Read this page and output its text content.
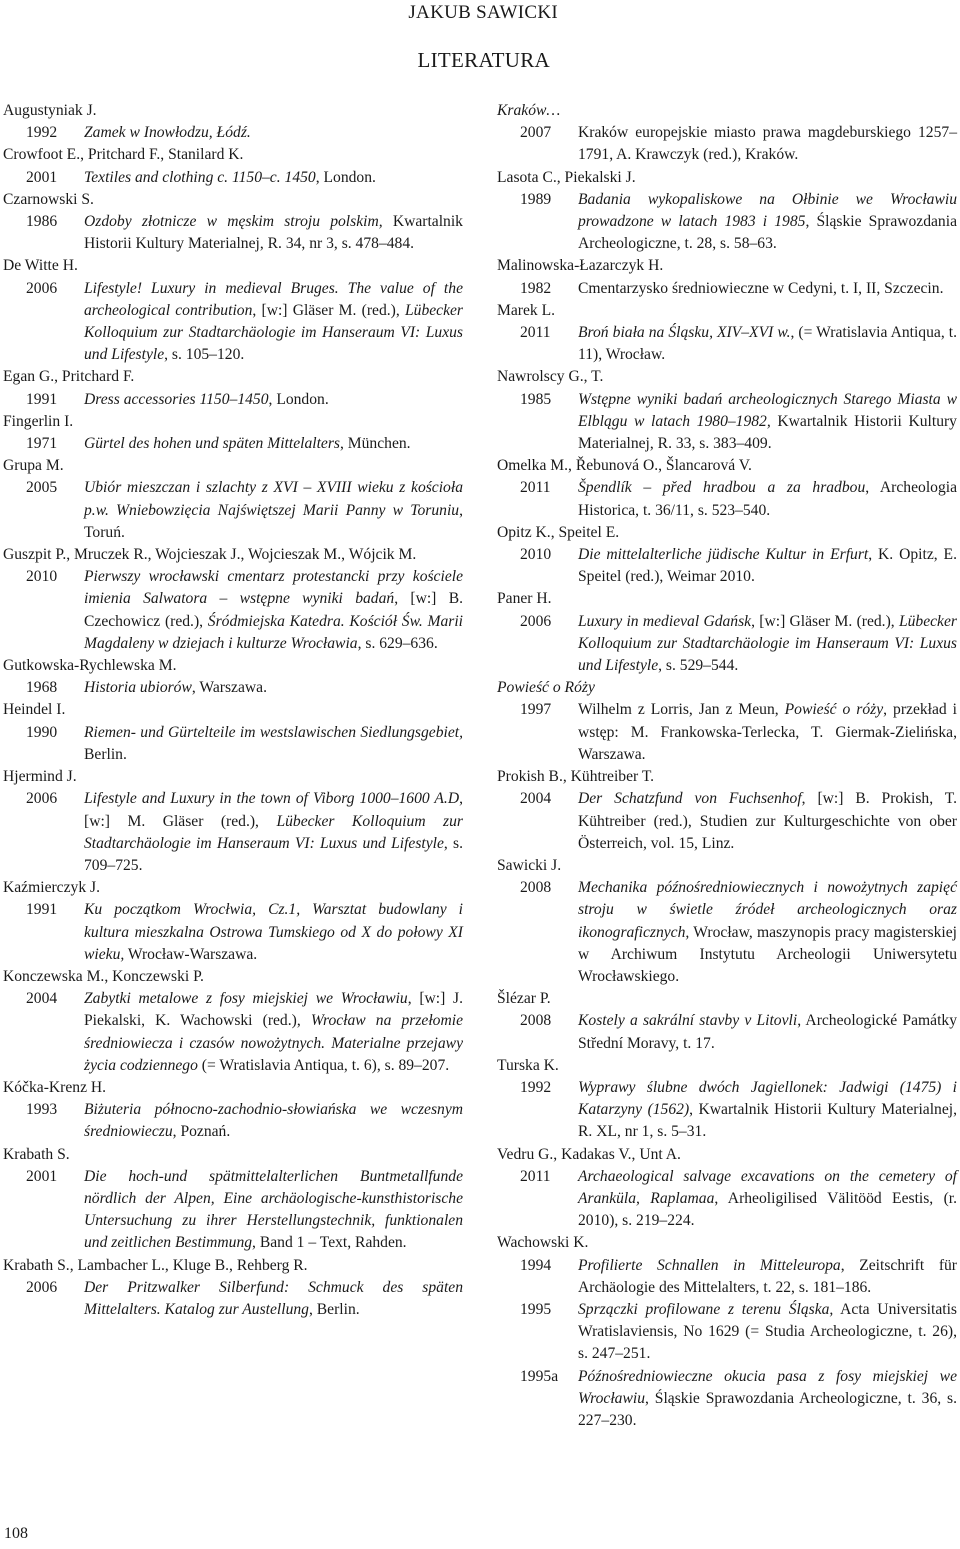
JAKUB SAWICKI
LITERATURA
Augustyniak J.
1992	Zamek w Inowłodzu, Łódź.
Crowfoot E., Pritchard F., Stanilard K.
2001	Textiles and clothing c. 1150–c. 1450, London.
Czarnowski S.
1986	Ozdoby złotnicze w męskim stroju polskim, Kwartalnik Historii Kultury Materialnej, R. 34, nr 3, s. 478–484.
De Witte H.
2006	Lifestyle! Luxury in medieval Bruges. The value of the archeological contribution, [w:] Gläser M. (red.), Lübecker Kolloquium zur Stadtarchäologie im Hanseraum VI: Luxus und Lifestyle, s. 105–120.
Egan G., Pritchard F.
1991	Dress accessories 1150–1450, London.
Fingerlin I.
1971	Gürtel des hohen und späten Mittelalters, München.
Grupa M.
2005	Ubiór mieszczan i szlachty z XVI – XVIII wieku z kościoła p.w. Wniebowzięcia Najświętszej Marii Panny w Toruniu, Toruń.
Guszpit P., Mruczek R., Wojcieszak J., Wojcieszak M., Wójcik M.
2010	Pierwszy wrocławski cmentarz protestancki przy kościele imienia Salwatora – wstępne wyniki badań, [w:] B. Czechowicz (red.), Śródmiejska Katedra. Kościół Św. Marii Magdaleny w dziejach i kulturze Wrocławia, s. 629–636.
Gutkowska-Rychlewska M.
1968	Historia ubiorów, Warszawa.
Heindel I.
1990	Riemen- und Gürtelteile im westslawischen Siedlungsgebiet, Berlin.
Hjermind J.
2006	Lifestyle and Luxury in the town of Viborg 1000–1600 A.D, [w:] M. Gläser (red.), Lübecker Kolloquium zur Stadtarchäologie im Hanseraum VI: Luxus und Lifestyle, s. 709–725.
Kaźmierczyk J.
1991	Ku początkom Wrocłwia, Cz.1, Warsztat budowlany i kultura mieszkalna Ostrowa Tumskiego od X do połowy XI wieku, Wrocław-Warszawa.
Konczewska M., Konczewski P.
2004	Zabytki metalowe z fosy miejskiej we Wrocławiu, [w:] J. Piekalski, K. Wachowski (red.), Wrocław na przełomie średniowiecza i czasów nowożytnych. Materialne przejawy życia codziennego (= Wratislavia Antiqua, t. 6), s. 89–207.
Kóčka-Krenz H.
1993	Biżuteria północno-zachodnio-słowiańska we wczesnym średniowieczu, Poznań.
Krabath S.
2001	Die hoch-und spätmittelalterlichen Buntmetallfunde nördlich der Alpen, Eine archäologische-kunsthistorische Untersuchung zu ihrer Herstellungstechnik, funktionalen und zeitlichen Bestimmung, Band 1 – Text, Rahden.
Krabath S., Lambacher L., Kluge B., Rehberg R.
2006	Der Pritzwalker Silberfund: Schmuck des späten Mittelalters. Katalog zur Austellung, Berlin.
Kraków…
2007	Kraków europejskie miasto prawa magdeburskiego 1257–1791, A. Krawczyk (red.), Kraków.
Lasota C., Piekalski J.
1989	Badania wykopaliskowe na Ołbinie we Wrocławiu prowadzone w latach 1983 i 1985, Śląskie Sprawozdania Archeologiczne, t. 28, s. 58–63.
Malinowska-Łazarczyk H.
1982	Cmentarzysko średniowieczne w Cedyni, t. I, II, Szczecin.
Marek L.
2011	Broń biała na Śląsku, XIV–XVI w., (= Wratislavia Antiqua, t. 11), Wrocław.
Nawrolscy G., T.
1985	Wstępne wyniki badań archeologicznych Starego Miasta w Elblągu w latach 1980–1982, Kwartalnik Historii Kultury Materialnej, R. 33, s. 383–409.
Omelka M., Řebunová O., Šlancarová V.
2011	Špendlík – před hradbou a za hradbou, Archeologia Historica, t. 36/11, s. 523–540.
Opitz K., Speitel E.
2010	Die mittelalterliche jüdische Kultur in Erfurt, K. Opitz, E. Speitel (red.), Weimar 2010.
Paner H.
2006	Luxury in medieval Gdańsk, [w:] Gläser M. (red.), Lübecker Kolloquium zur Stadtarchäologie im Hanseraum VI: Luxus und Lifestyle, s. 529–544.
Powieść o Róży
1997	Wilhelm z Lorris, Jan z Meun, Powieść o róży, przekład i wstęp: M. Frankowska-Terlecka, T. Giermak-Zielińska, Warszawa.
Prokish B., Kühtreiber T.
2004	Der Schatzfund von Fuchsenhof, [w:] B. Prokish, T. Kühtreiber (red.), Studien zur Kulturgeschichte von ober Österreich, vol. 15, Linz.
Sawicki J.
2008	Mechanika późnośredniowiecznych i nowożytnych zapięć stroju w świetle źródeł archeologicznych oraz ikonograficznych, Wrocław, maszynopis pracy magisterskiej w Archiwum Instytutu Archeologii Uniwersytetu Wrocławskiego.
Šlézar P.
2008	Kostely a sakrální stavby v Litovli, Archeologické Památky Střední Moravy, t. 17.
Turska K.
1992	Wyprawy ślubne dwóch Jagiellonek: Jadwigi (1475) i Katarzyny (1562), Kwartalnik Historii Kultury Materialnej, R. XL, nr 1, s. 5–31.
Vedru G., Kadakas V., Unt A.
2011	Archaeological salvage excavations on the cemetery of Aranküla, Raplamaa, Arheoligilised Välitööd Eestis, (r. 2010), s. 219–224.
Wachowski K.
1994	Profilierte Schnallen in Mitteleuropa, Zeitschrift für Archäologie des Mittelalters, t. 22, s. 181–186.
1995	Sprzączki profilowane z terenu Śląska, Acta Universitatis Wratislaviensis, No 1629 (= Studia Archeologiczne, t. 26), s. 247–251.
1995a	Późnośredniowieczne okucia pasa z fosy miejskiej we Wrocławiu, Śląskie Sprawozdania Archeologiczne, t. 36, s. 227–230.
108
